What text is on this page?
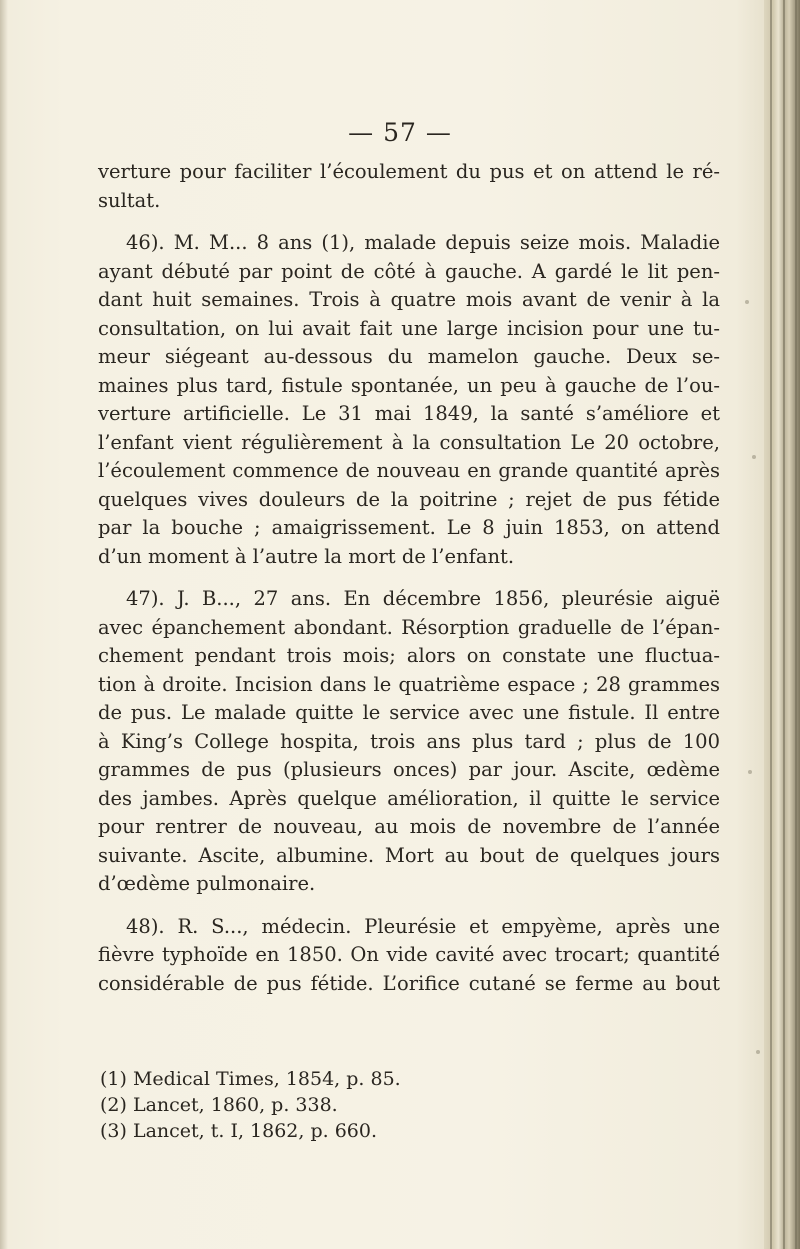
— 57 —
verture pour faciliter l’écoulement du pus et on attend le ré-
sultat.
46). M. M... 8 ans (1), malade depuis seize mois. Maladie
ayant débuté par point de côté à gauche. A gardé le lit pen-
dant huit semaines. Trois à quatre mois avant de venir à la
consultation, on lui avait fait une large incision pour une tu-
meur siégeant au-dessous du mamelon gauche. Deux se-
maines plus tard, fistule spontanée, un peu à gauche de l’ou-
verture artificielle. Le 31 mai 1849, la santé s’améliore et
l’enfant vient régulièrement à la consultation Le 20 octobre,
l’écoulement commence de nouveau en grande quantité après
quelques vives douleurs de la poitrine ; rejet de pus fétide
par la bouche ; amaigrissement. Le 8 juin 1853, on attend
d’un moment à l’autre la mort de l’enfant.
47). J. B..., 27 ans. En décembre 1856, pleurésie aiguë
avec épanchement abondant. Résorption graduelle de l’épan-
chement pendant trois mois; alors on constate une fluctua-
tion à droite. Incision dans le quatrième espace ; 28 grammes
de pus. Le malade quitte le service avec une fistule. Il entre
à King’s College hospita, trois ans plus tard ; plus de 100
grammes de pus (plusieurs onces) par jour. Ascite, œdème
des jambes. Après quelque amélioration, il quitte le service
pour rentrer de nouveau, au mois de novembre de l’année
suivante. Ascite, albumine. Mort au bout de quelques jours
d’œdème pulmonaire.
48). R. S..., médecin. Pleurésie et empyème, après une
fièvre typhoïde en 1850. On vide cavité avec trocart; quantité
considérable de pus fétide. L’orifice cutané se ferme au bout
(1) Medical Times, 1854, p. 85.
(2) Lancet, 1860, p. 338.
(3) Lancet, t. I, 1862, p. 660.
